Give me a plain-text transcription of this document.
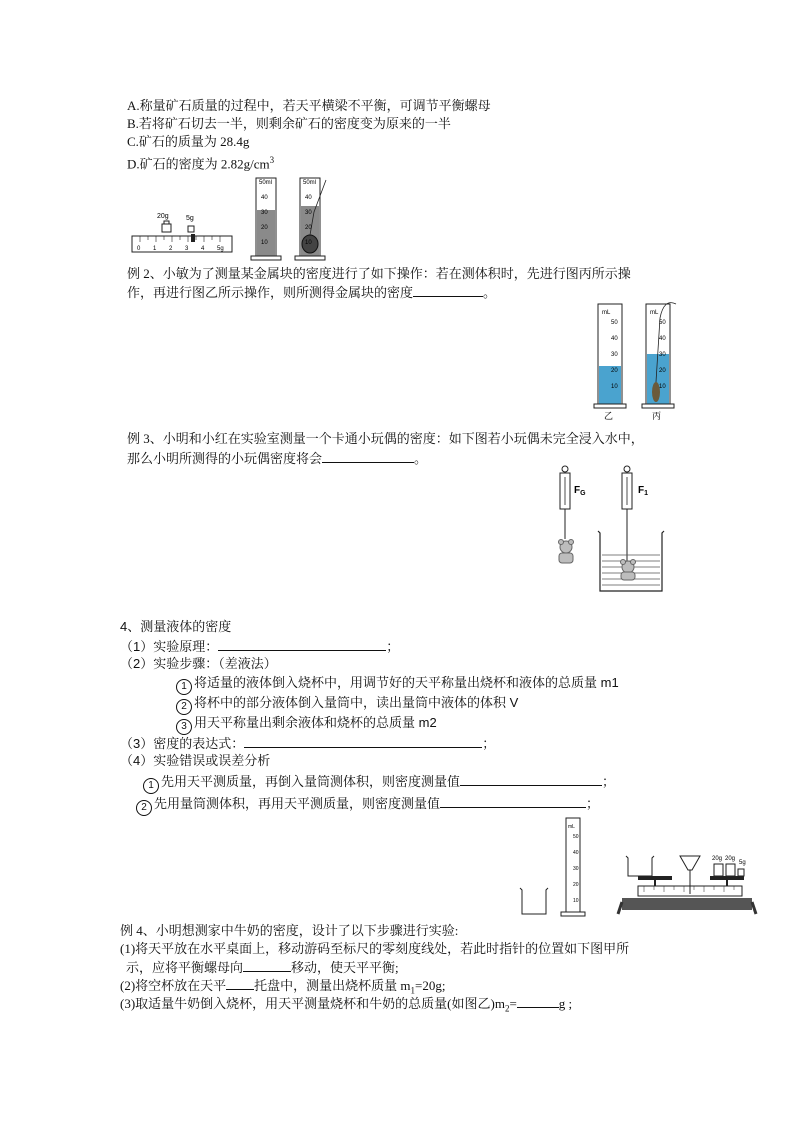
A.称量矿石质量的过程中，若天平横梁不平衡，可调节平衡螺母
B.若将矿石切去一半，则剩余矿石的密度变为原来的一半
C.矿石的质量为 28.4g
D.矿石的密度为 $2.82g/cm^3$
20g 5g
0 1 2 3 4 5g
50ml
40
30
20
10
50ml
40
30
20
10
例 2、小敏为了测量某金属块的密度进行了如下操作：若在测体积时，先进行图丙所示操
作，再进行图乙所示操作，则所测得金属块的密度	。
mL
50
40
30
20
10
乙
mL
50
40
30
20
10
丙
例 3、小明和小红在实验室测量一个卡通小玩偶的密度：如下图若小玩偶未完全浸入水中，
那么小明所测得的小玩偶密度将会	。
$F_G$	$F_1$
4、测量液体的密度
（1）实验原理：	；
（2）实验步骤：（差液法）
1 将适量的液体倒入烧杯中，用调节好的天平称量出烧杯和液体的总质量 m1
2 将杯中的部分液体倒入量筒中，读出量筒中液体的体积 V
3 用天平称量出剩余液体和烧杯的总质量 m2
（3）密度的表达式：	；
（4）实验错误或误差分析
1 先用天平测质量，再倒入量筒测体积，则密度测量值	；
2 先用量筒测体积，再用天平测质量，则密度测量值	；
mL
50
40
30
20
10
20g 20g
5g
例 4、小明想测家中牛奶的密度，设计了以下步骤进行实验:
(1)将天平放在水平桌面上，移动游码至标尺的零刻度线处，若此时指针的位置如下图甲所
示，应将平衡螺母向	移动，使天平平衡;
(2)将空杯放在天平 托盘中，测量出烧杯质量 $m_1=20g$;
(3)取适量牛奶倒入烧杯，用天平测量烧杯和牛奶的总质量(如图乙)$m_2=$	g ;
